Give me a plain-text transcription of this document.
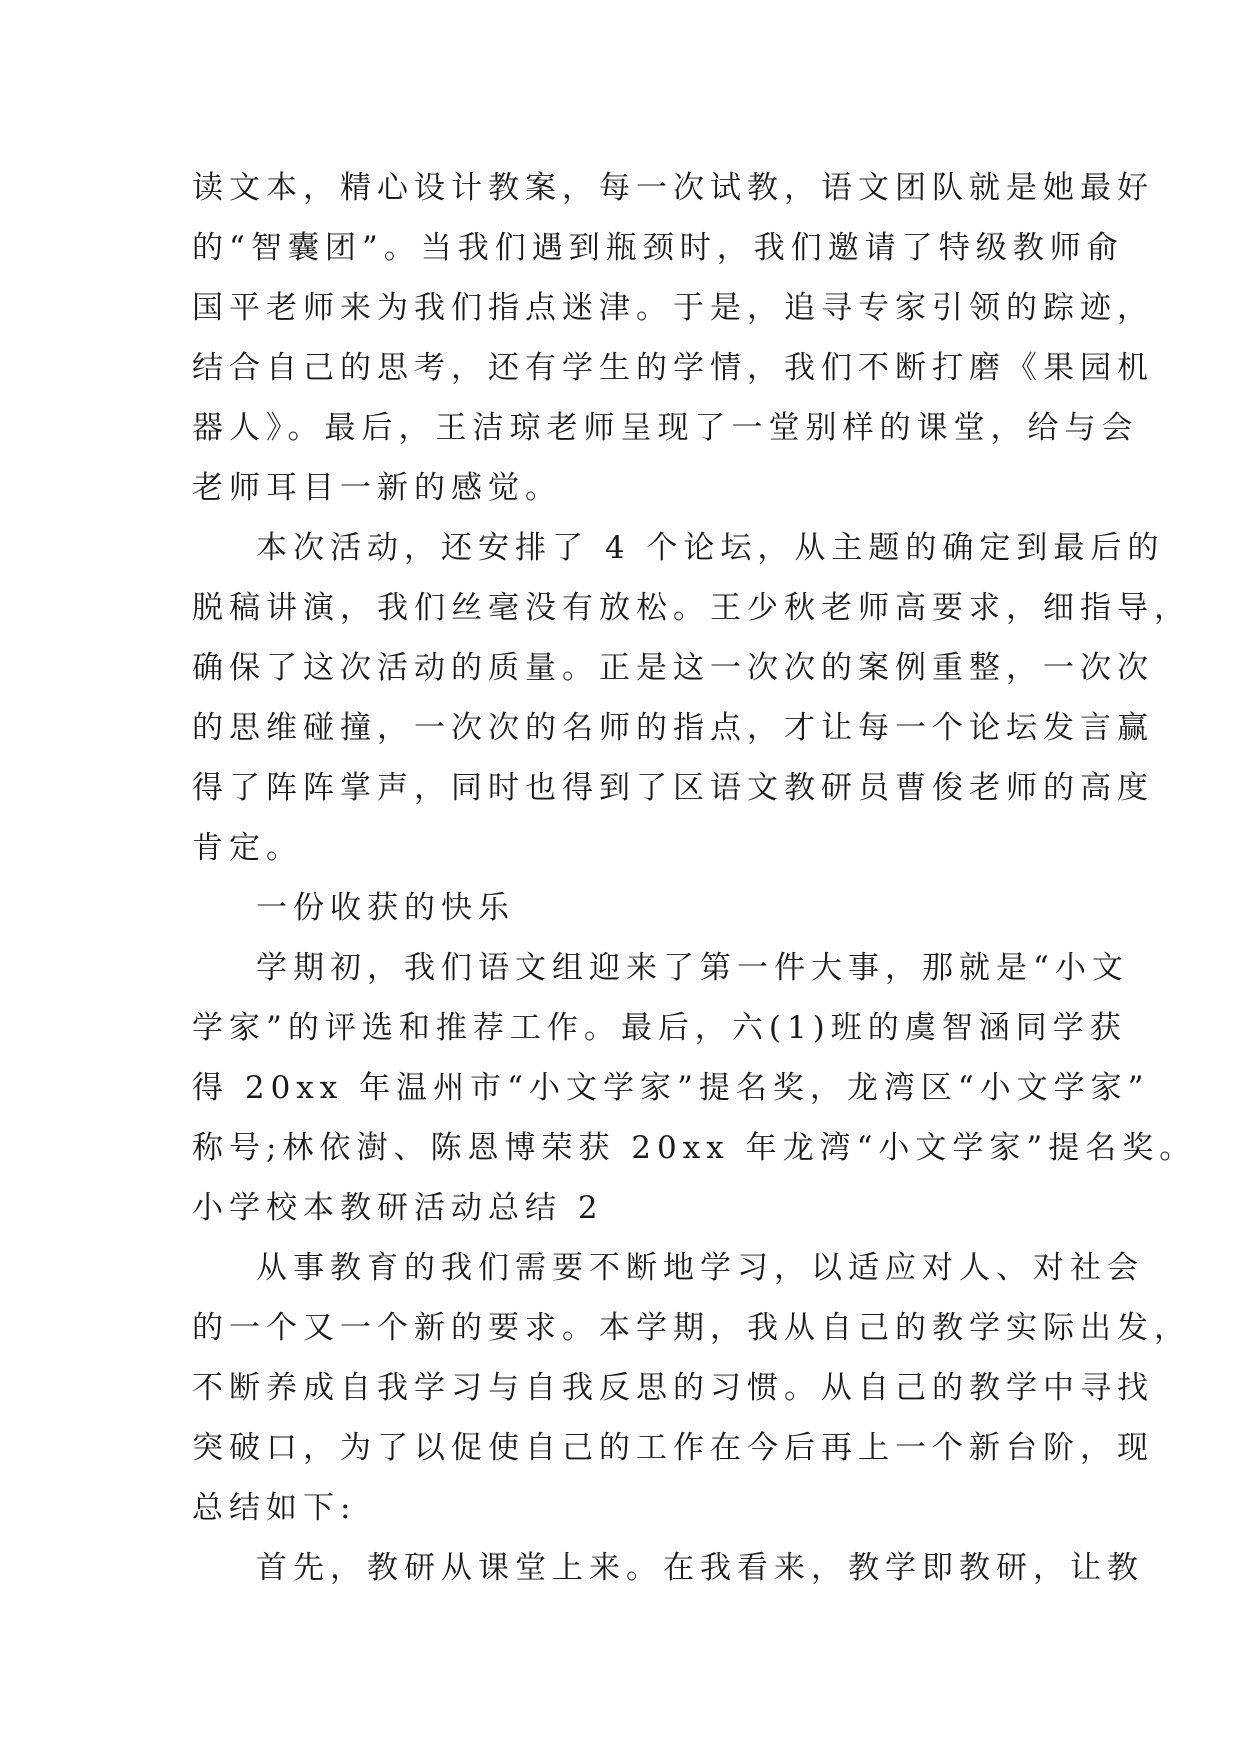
读文本，精心设计教案，每一次试教，语文团队就是她最好
的“智囊团”。当我们遇到瓶颈时，我们邀请了特级教师俞
国平老师来为我们指点迷津。于是，追寻专家引领的踪迹，
结合自己的思考，还有学生的学情，我们不断打磨《果园机
器人》。最后，王洁琼老师呈现了一堂别样的课堂，给与会
老师耳目一新的感觉。
本次活动，还安排了 4 个论坛，从主题的确定到最后的
脱稿讲演，我们丝毫没有放松。王少秋老师高要求，细指导，
确保了这次活动的质量。正是这一次次的案例重整，一次次
的思维碰撞，一次次的名师的指点，才让每一个论坛发言赢
得了阵阵掌声，同时也得到了区语文教研员曹俊老师的高度
肯定。
一份收获的快乐
学期初，我们语文组迎来了第一件大事，那就是“小文
学家”的评选和推荐工作。最后，六(1)班的虞智涵同学获
得 20xx 年温州市“小文学家”提名奖，龙湾区“小文学家”
称号;林依澍、陈恩博荣获 20xx 年龙湾“小文学家”提名奖。
小学校本教研活动总结 2
从事教育的我们需要不断地学习，以适应对人、对社会
的一个又一个新的要求。本学期，我从自己的教学实际出发，
不断养成自我学习与自我反思的习惯。从自己的教学中寻找
突破口，为了以促使自己的工作在今后再上一个新台阶，现
总结如下:
首先，教研从课堂上来。在我看来，教学即教研，让教
